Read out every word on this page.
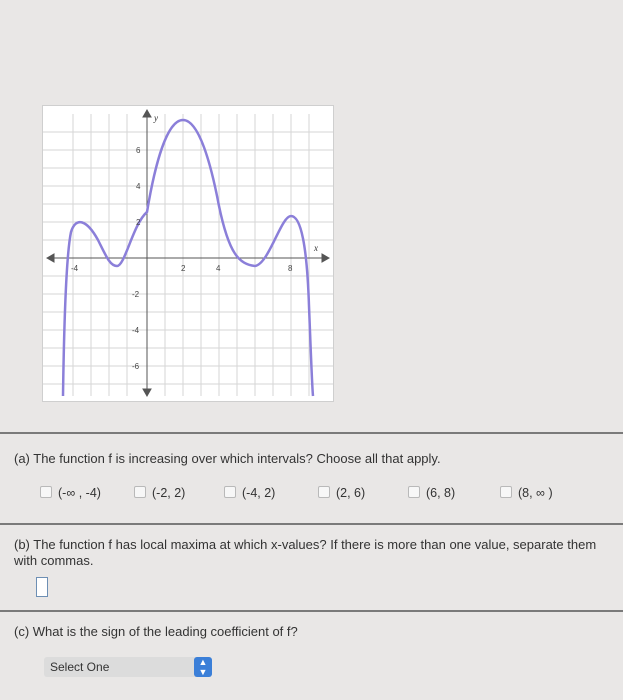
x
y
-4	2	4	8
6
4
2
-2
-4
-6
(a) The function f is increasing over which intervals? Choose all that apply.
(-∞ , -4)	(-2, 2)	(-4, 2)	(2, 6)	(6, 8)	(8, ∞ )
(b) The function f has local maxima at which x-values? If there is more than one value, separate them with commas.
(c) What is the sign of the leading coefficient of f?
Select One	▲
▼
